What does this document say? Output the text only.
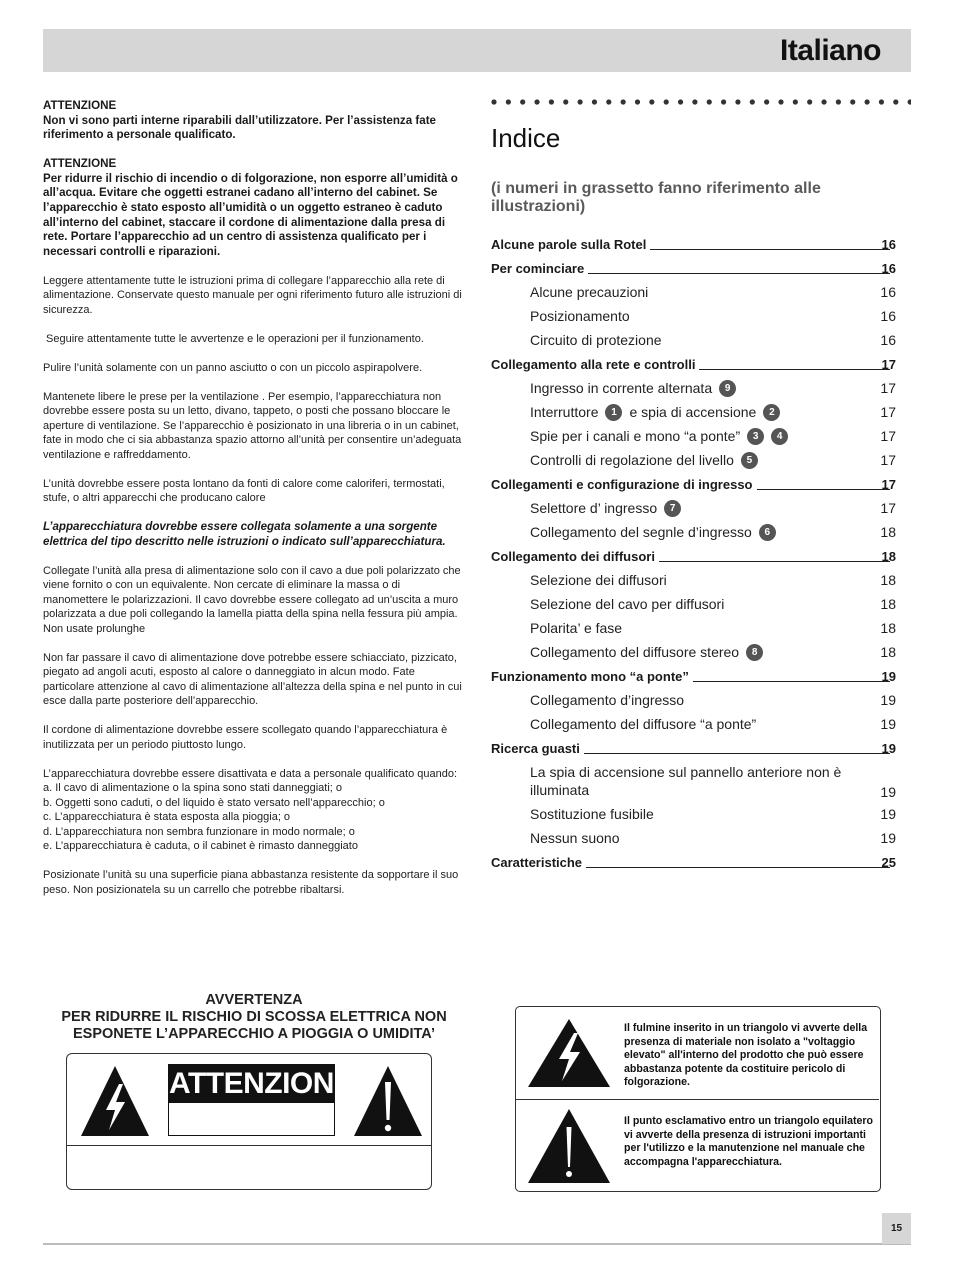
Italiano
ATTENZIONE
Non vi sono parti interne riparabili dall’utilizzatore. Per l’assistenza fate riferimento a personale qualificato.
ATTENZIONE
Per ridurre il rischio di incendio o di folgorazione, non esporre all’umidità o all’acqua. Evitare che oggetti estranei cadano all’interno del cabinet. Se l’apparecchio è stato esposto all’umidità o un oggetto estraneo è caduto all’interno del cabinet, staccare il cordone di alimentazione dalla presa di rete. Portare l’apparecchio ad un centro di assistenza qualificato per i necessari controlli e riparazioni.
Leggere attentamente tutte le istruzioni prima di collegare l’apparecchio alla rete di alimentazione. Conservate questo manuale per ogni riferimento futuro alle istruzioni di sicurezza.
Seguire attentamente tutte le avvertenze e le operazioni per il funzionamento.
Pulire l’unità solamente con un panno asciutto o con un piccolo aspirapolvere.
Mantenete libere le prese per la ventilazione . Per esempio, l’apparecchiatura non dovrebbe essere posta su un letto, divano, tappeto, o posti che possano bloccare le aperture di ventilazione. Se l’apparecchio è posizionato in una libreria o in un cabinet, fate in modo che ci sia abbastanza spazio attorno all’unità per consentire un’adeguata ventilazione e raffreddamento.
L’unità dovrebbe essere posta lontano da fonti di calore come caloriferi, termostati, stufe, o altri apparecchi che producano calore
L’apparecchiatura dovrebbe essere collegata solamente a una sorgente elettrica del tipo descritto nelle istruzioni o indicato sull’apparecchiatura.
Collegate l’unità alla presa di alimentazione solo con il cavo a due poli polarizzato che viene fornito o con un equivalente. Non cercate di eliminare la massa o di manomettere le polarizzazioni. Il cavo dovrebbe essere collegato ad un’uscita a muro polarizzata a due poli collegando la lamella piatta della spina nella fessura più ampia. Non usate prolunghe
Non far passare il cavo di alimentazione dove potrebbe essere schiacciato, pizzicato, piegato ad angoli acuti, esposto al calore o danneggiato in alcun modo. Fate particolare attenzione al cavo di alimentazione all’altezza della spina e nel punto in cui esce dalla parte posteriore dell’apparecchio.
Il cordone di alimentazione dovrebbe essere scollegato quando l’apparecchiatura è inutilizzata per un periodo piuttosto lungo.
L’apparecchiatura dovrebbe essere disattivata e data a personale qualificato quando:
a. Il cavo di alimentazione o la spina sono stati danneggiati; o
b. Oggetti sono caduti, o del liquido è stato versato nell’apparecchio; o
c. L’apparecchiatura è stata esposta alla pioggia; o
d. L’apparecchiatura non sembra funzionare in modo normale; o
e. L’apparecchiatura è caduta, o il cabinet è rimasto danneggiato
Posizionate l’unità su una superficie piana abbastanza resistente da sopportare il suo peso. Non posizionatela su un carrello che potrebbe ribaltarsi.
Indice
(i numeri in grassetto fanno riferimento alle illustrazioni)
Alcune parole sulla Rotel	16
Per cominciare	16
Alcune precauzioni	16
Posizionamento	16
Circuito di protezione	16
Collegamento alla rete e controlli	17
Ingresso in corrente alternata	9	17
Interruttore	1 e spia di accensione	2	17
Spie per i canali e mono “a ponte”	3	4	17
Controlli di regolazione del livello	5	17
Collegamenti e configurazione di ingresso	17
Selettore d’ ingresso	7	17
Collegamento del segnle d’ingresso	6	18
Collegamento dei diffusori	18
Selezione dei diffusori	18
Selezione del cavo per diffusori	18
Polarita’ e fase	18
Collegamento del diffusore stereo	8	18
Funzionamento mono “a ponte”	19
Collegamento d’ingresso	19
Collegamento del diffusore “a ponte”	19
Ricerca guasti	19
La spia di accensione sul pannello anteriore non è illuminata	19
Sostituzione fusibile	19
Nessun suono	19
Caratteristiche	25
AVVERTENZA
PER RIDURRE IL RISCHIO DI SCOSSA ELETTRICA NON
ESPONETE L’APPARECCHIO A PIOGGIA O UMIDITA’
ATTENZIONE
Il fulmine inserito in un triangolo vi avverte della presenza di materiale non isolato a "voltaggio elevato" all'interno del prodotto che può essere abbastanza potente da costituire pericolo di folgorazione.
Il punto esclamativo entro un triangolo equilatero vi avverte della presenza di istruzioni importanti per l'utilizzo e la manutenzione nel manuale che accompagna l'apparecchiatura.
15
